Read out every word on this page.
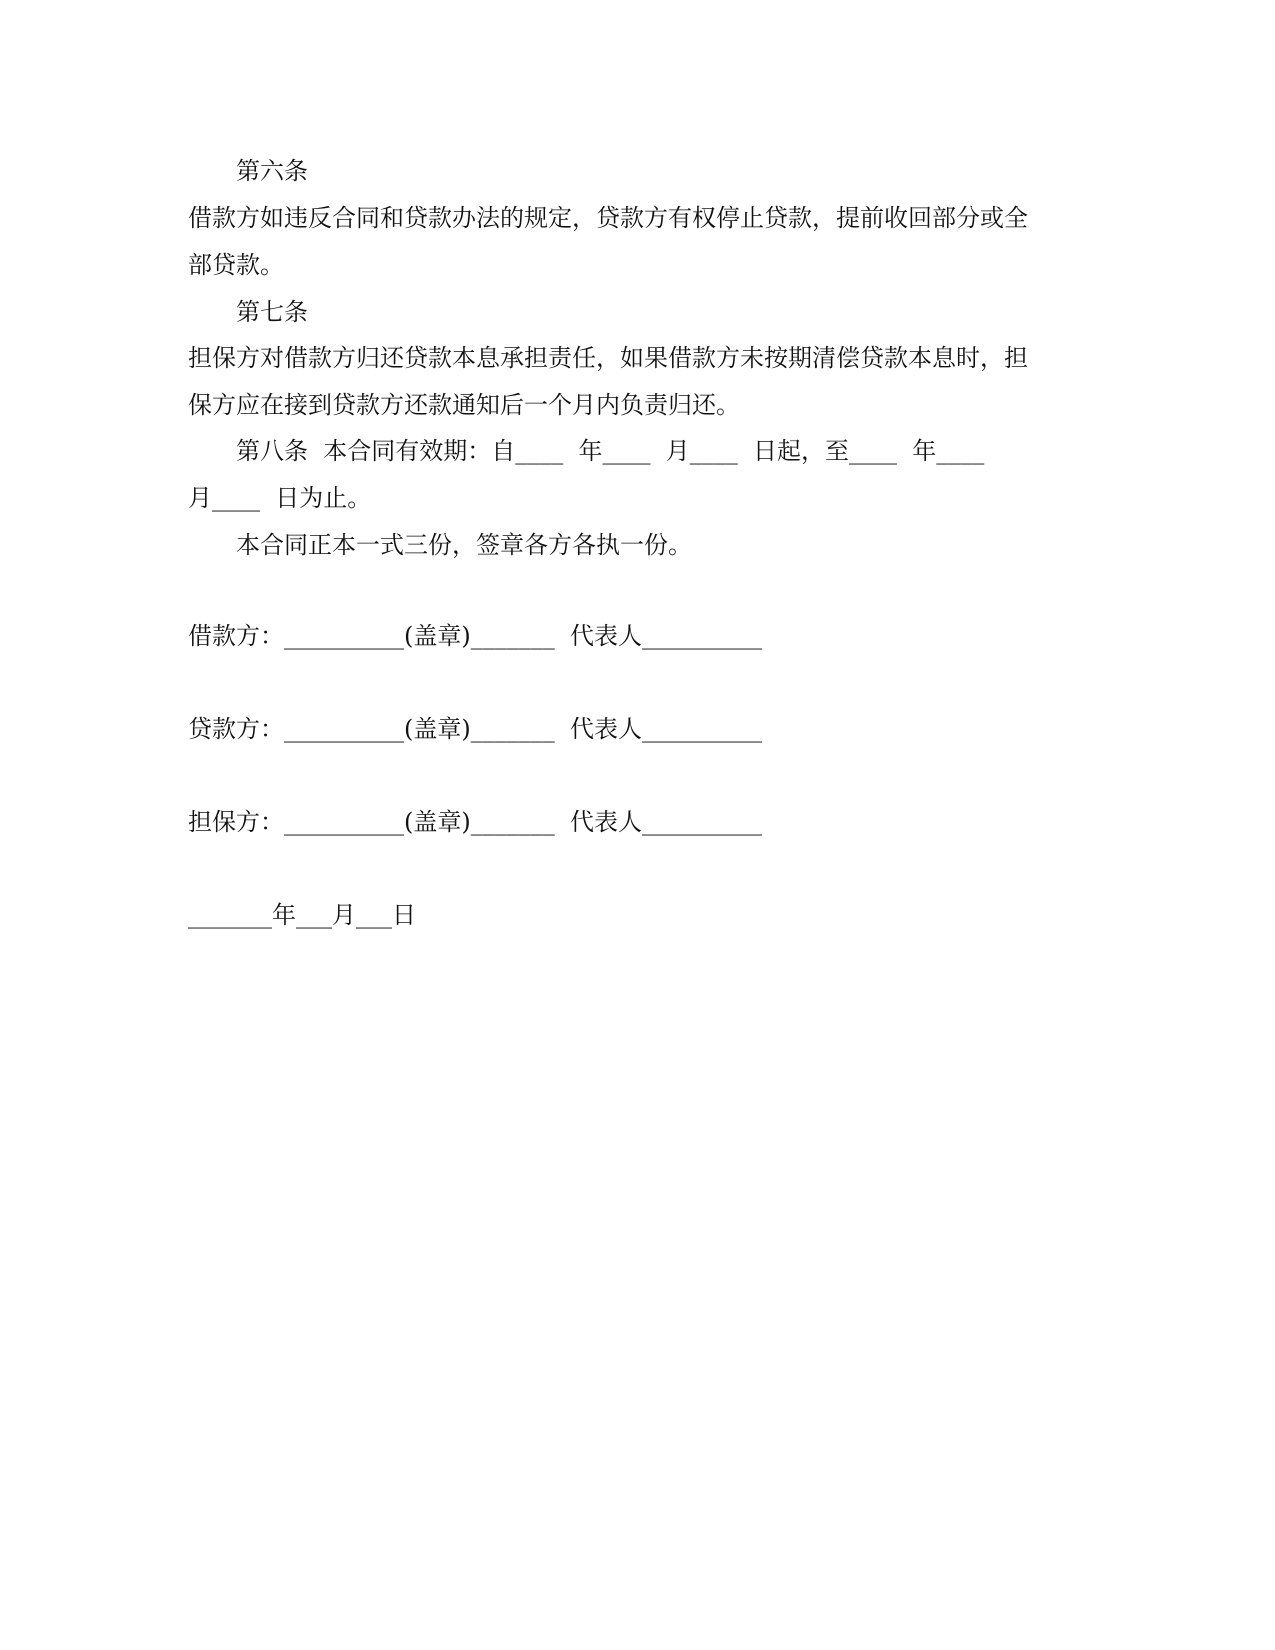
第六条
借款方如违反合同和贷款办法的规定，贷款方有权停止贷款，提前收回部分或全
部贷款。
第七条
担保方对借款方归还贷款本息承担责任，如果借款方未按期清偿贷款本息时，担
保方应在接到贷款方还款通知后一个月内负责归还。
第八条  本合同有效期：自____  年____  月____  日起，至____  年____
月____  日为止。
本合同正本一式三份，签章各方各执一份。
借款方：__________(盖章)_______  代表人__________
贷款方：__________(盖章)_______  代表人__________
担保方：__________(盖章)_______  代表人__________
_______年___月___日
